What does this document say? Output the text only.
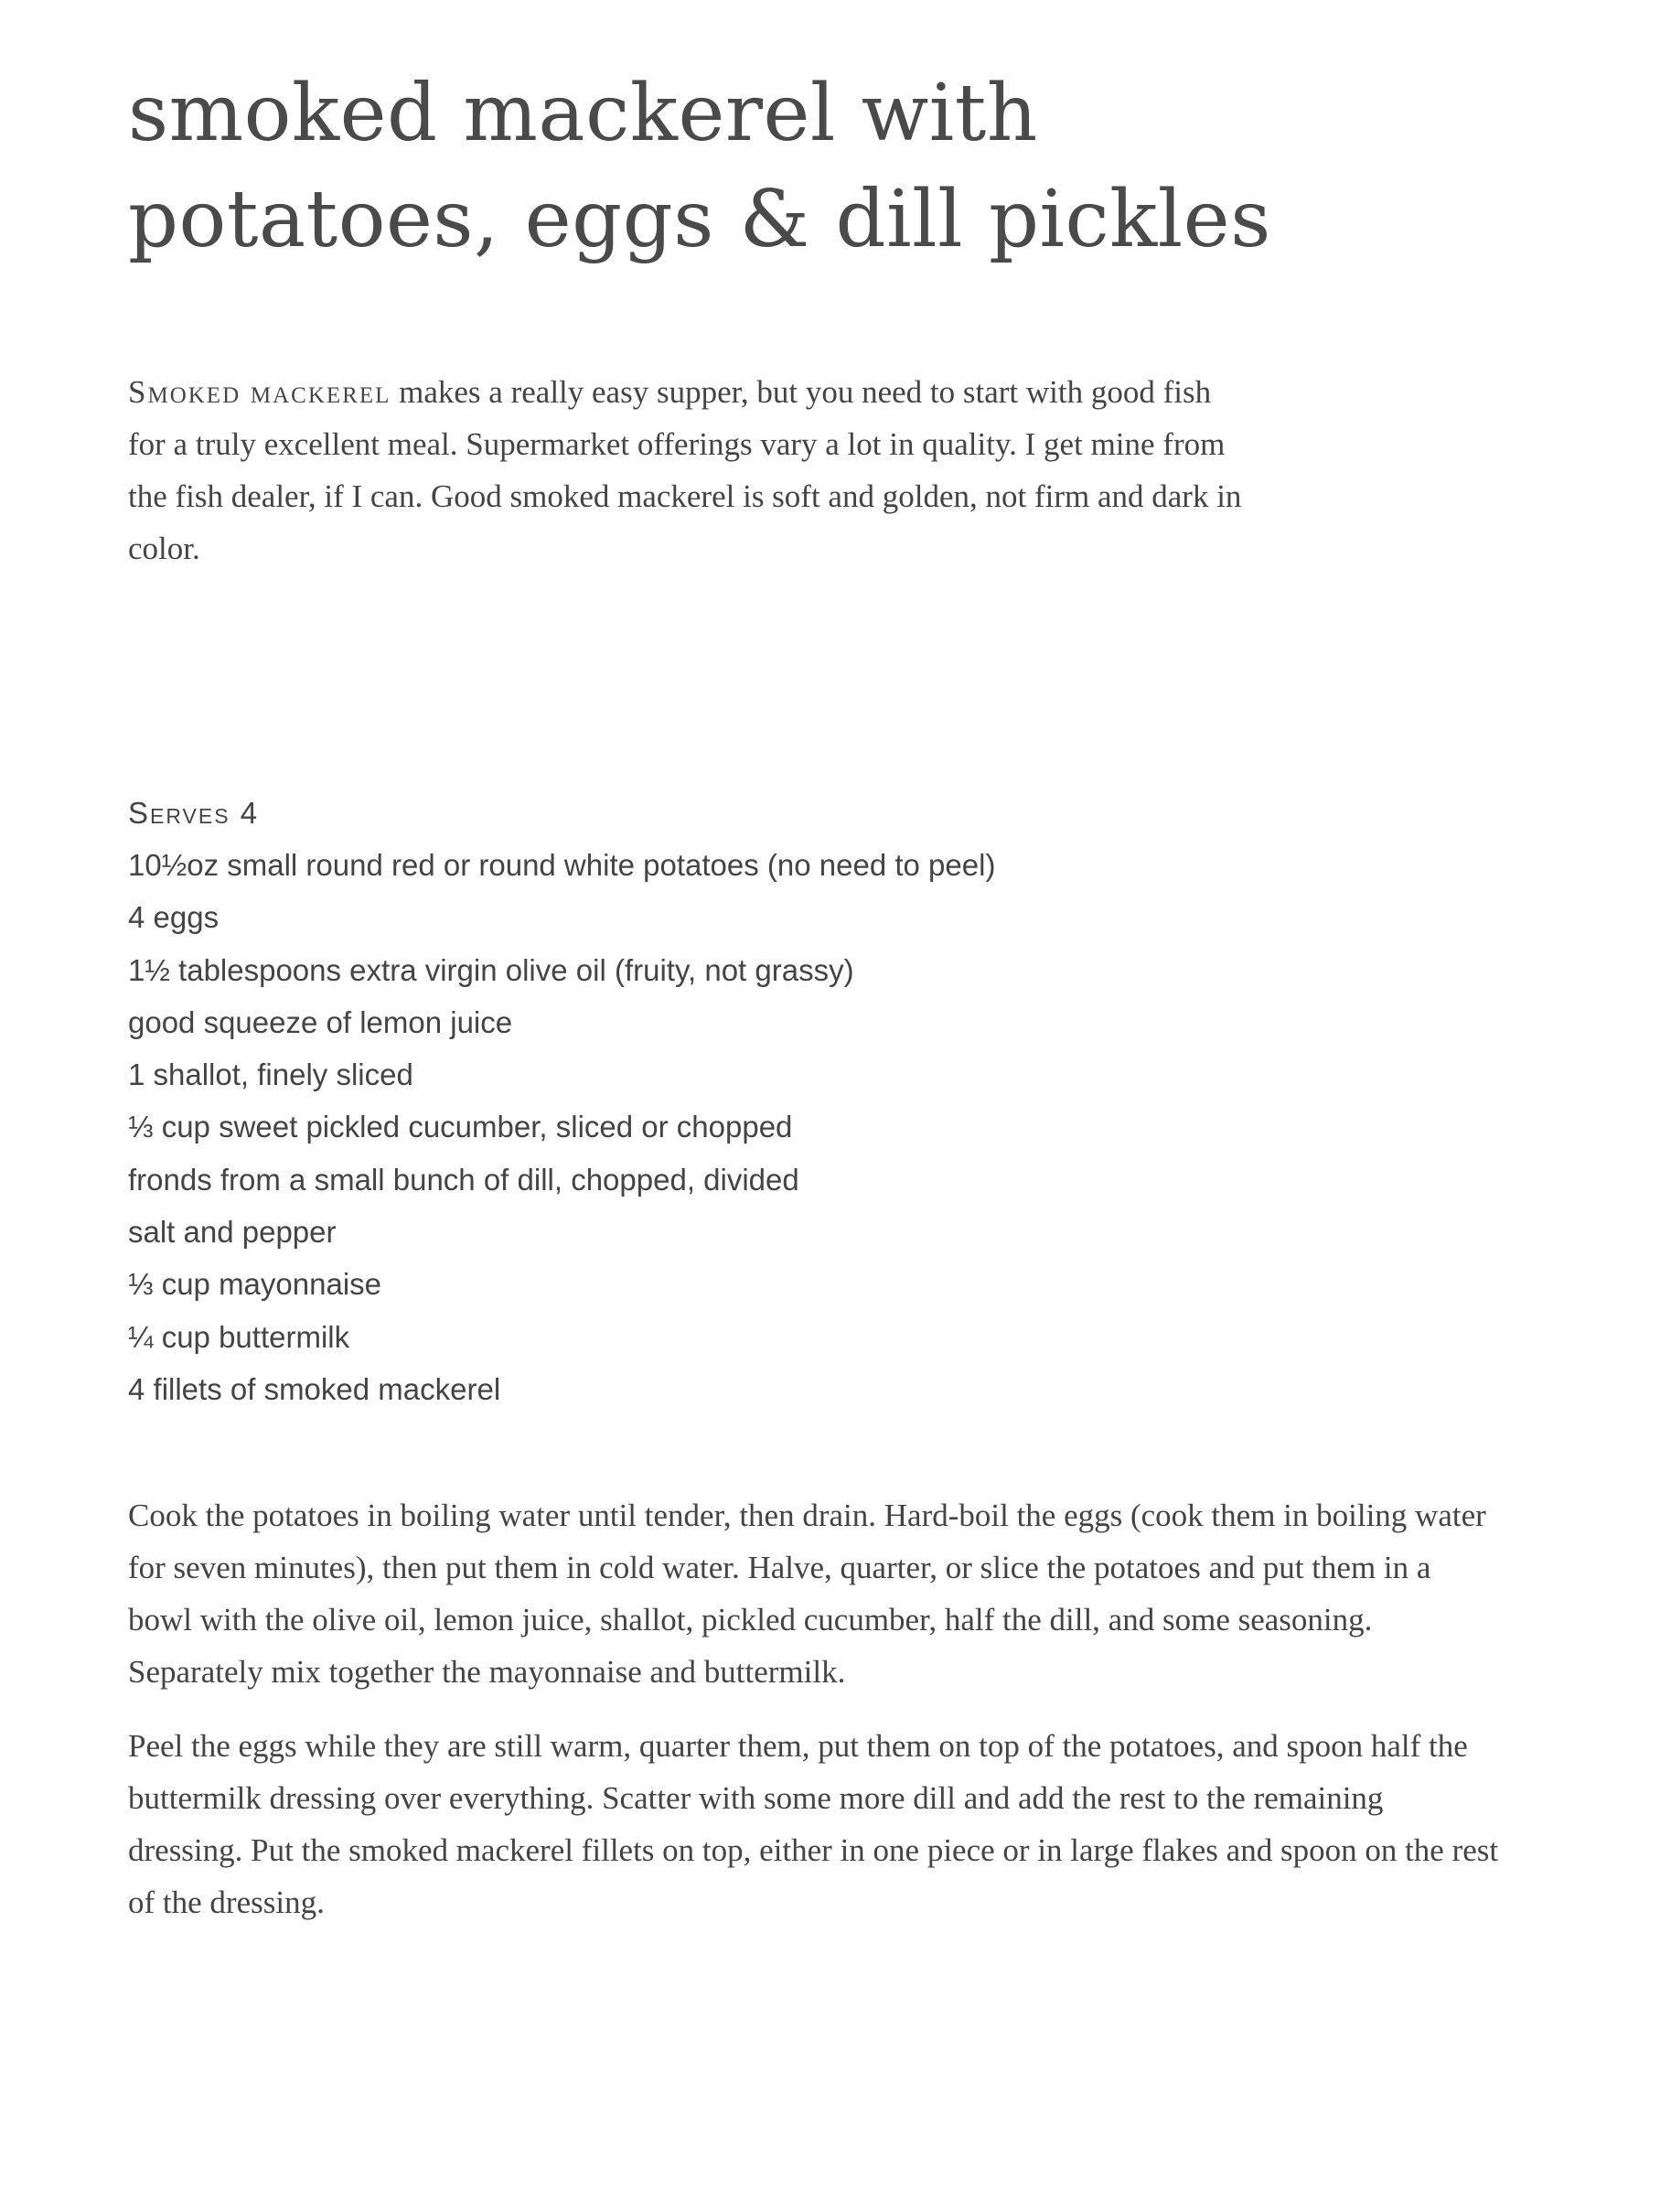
smoked mackerel with
potatoes, eggs & dill pickles

Smoked mackerel makes a really easy supper, but you need to start with good fish for a truly excellent meal. Supermarket offerings vary a lot in quality. I get mine from the fish dealer, if I can. Good smoked mackerel is soft and golden, not firm and dark in color.

Serves 4
10½oz small round red or round white potatoes (no need to peel)
4 eggs
1½ tablespoons extra virgin olive oil (fruity, not grassy)
good squeeze of lemon juice
1 shallot, finely sliced
⅓ cup sweet pickled cucumber, sliced or chopped
fronds from a small bunch of dill, chopped, divided
salt and pepper
⅓ cup mayonnaise
¼ cup buttermilk
4 fillets of smoked mackerel

Cook the potatoes in boiling water until tender, then drain. Hard-boil the eggs (cook them in boiling water for seven minutes), then put them in cold water. Halve, quarter, or slice the potatoes and put them in a bowl with the olive oil, lemon juice, shallot, pickled cucumber, half the dill, and some seasoning. Separately mix together the mayonnaise and buttermilk.

Peel the eggs while they are still warm, quarter them, put them on top of the potatoes, and spoon half the buttermilk dressing over everything. Scatter with some more dill and add the rest to the remaining dressing. Put the smoked mackerel fillets on top, either in one piece or in large flakes and spoon on the rest of the dressing.
